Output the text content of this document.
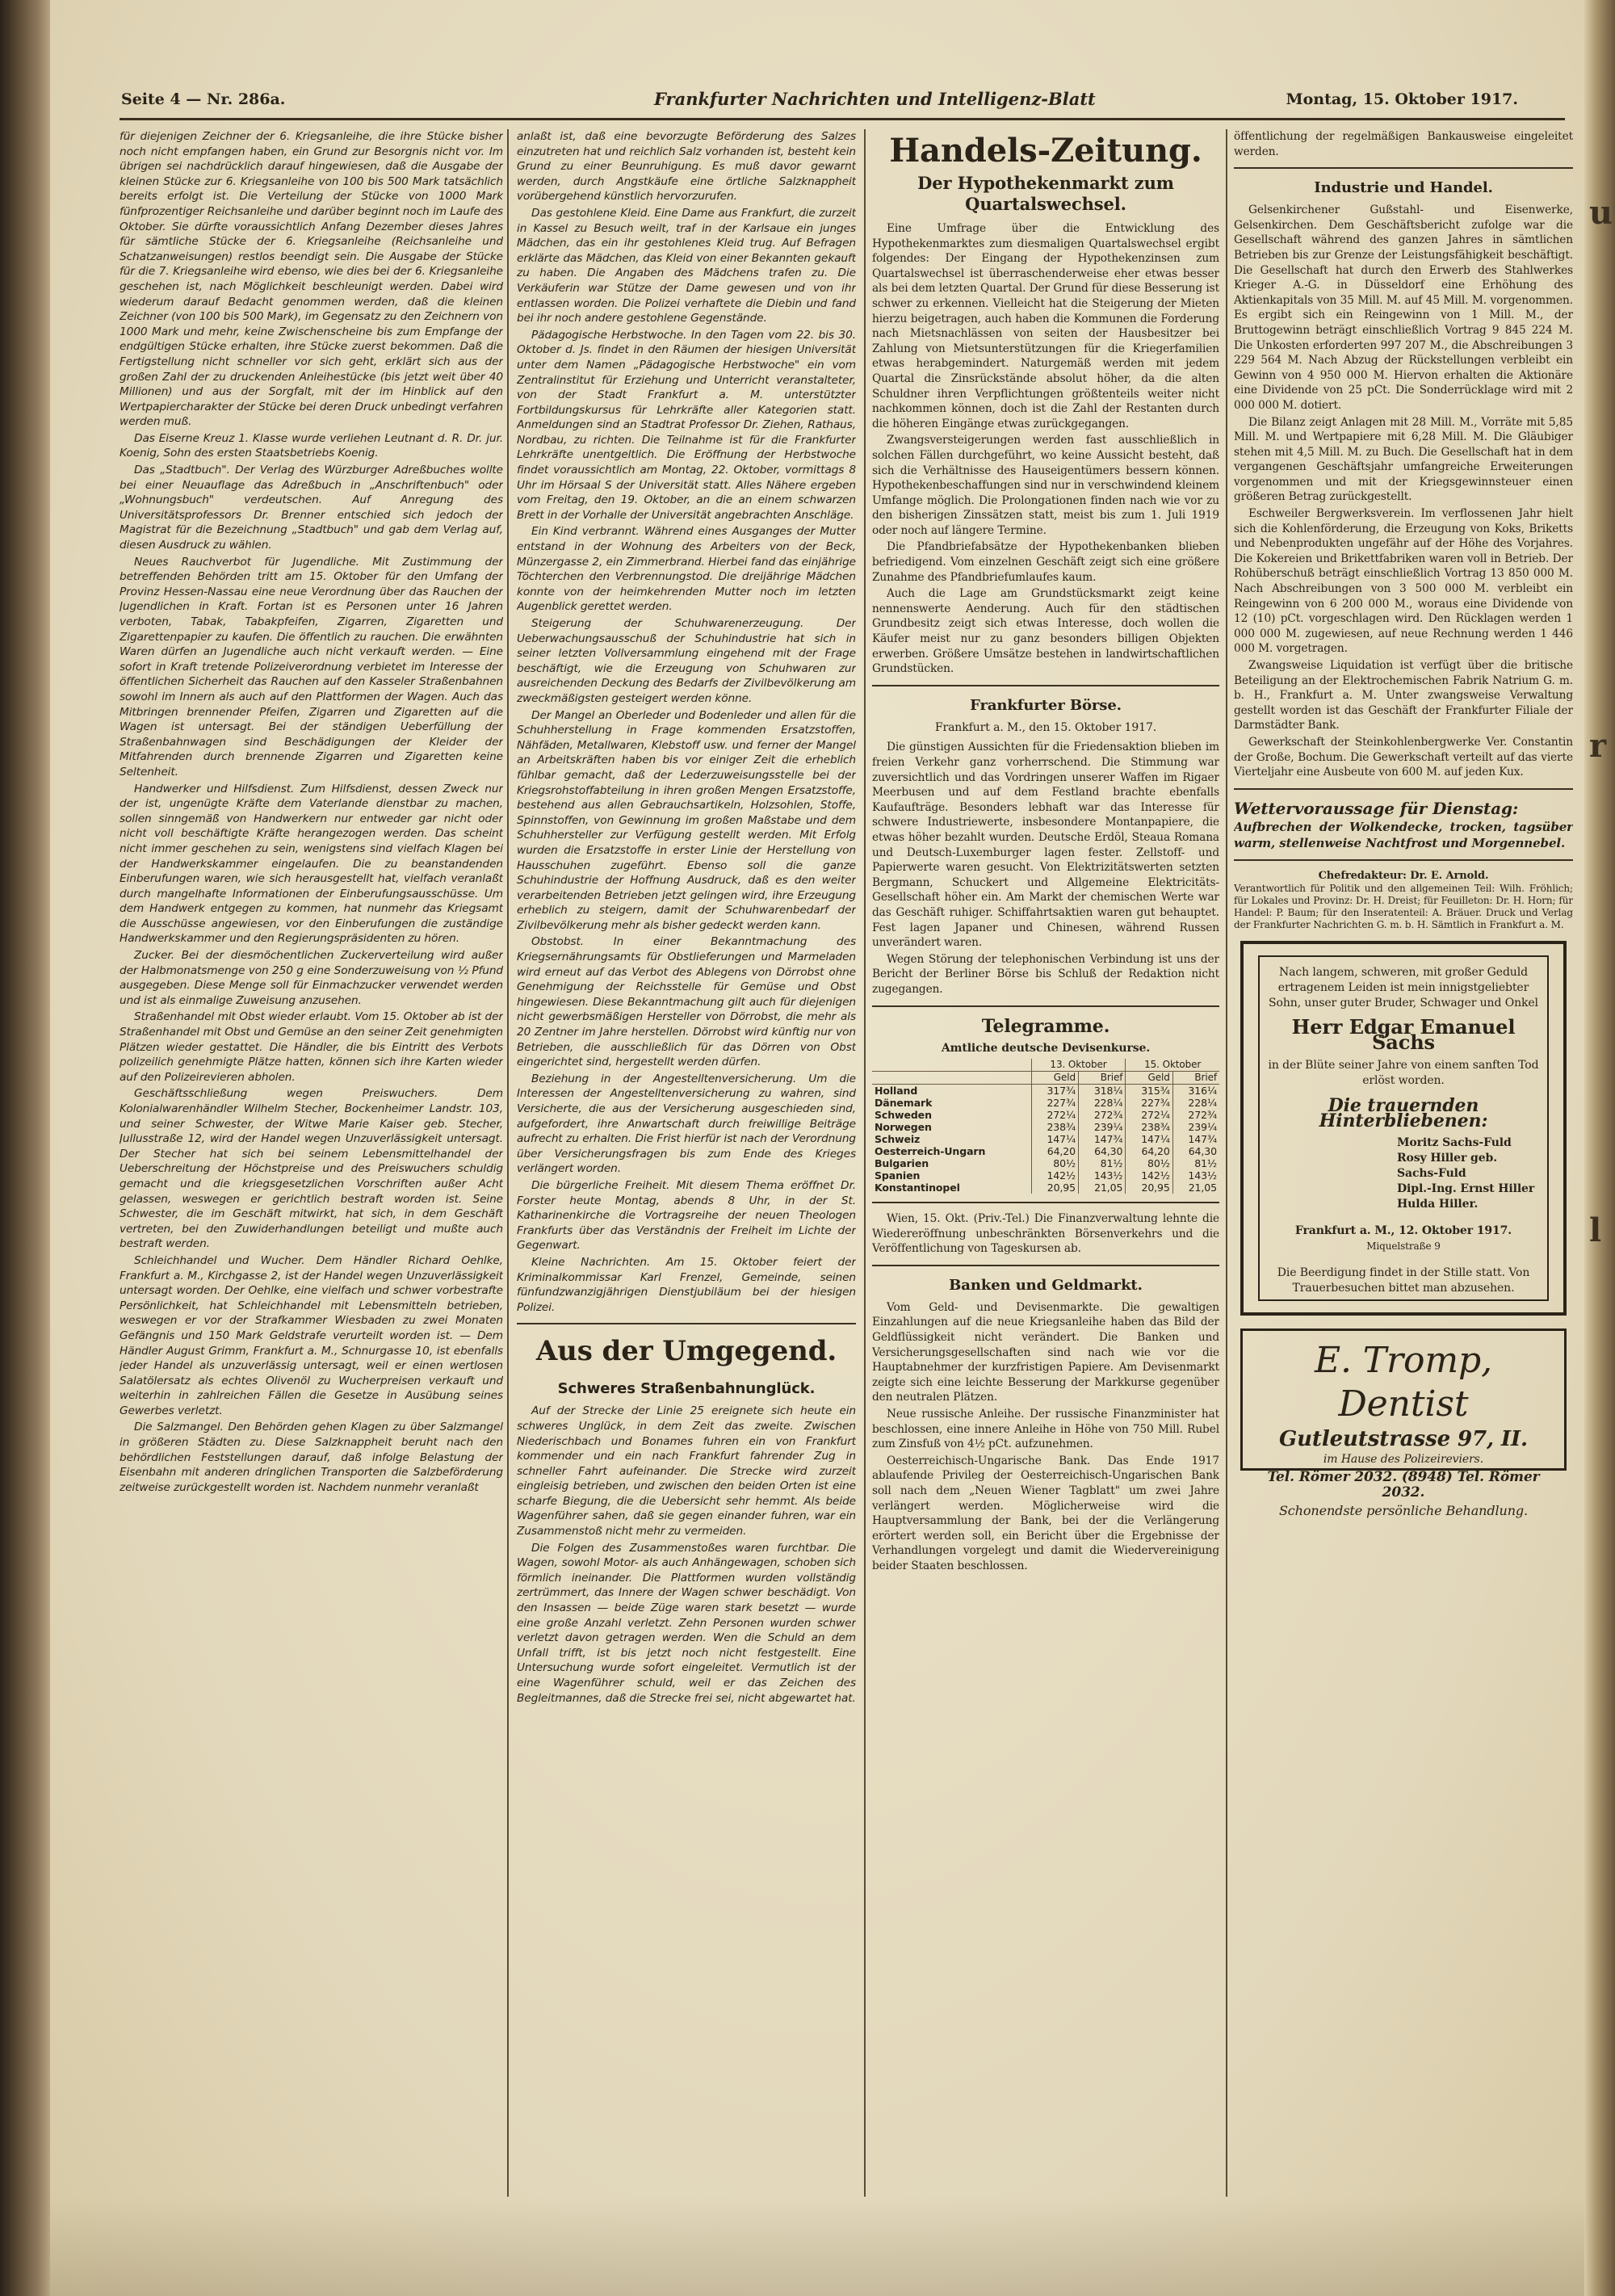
Seite 4 — Nr. 286a.	Frankfurter Nachrichten und Intelligenz-Blatt	Montag, 15. Oktober 1917.

für diejenigen Zeichner der 6. Kriegsanleihe, die ihre Stücke bisher noch nicht empfangen haben, ein Grund zur Besorgnis nicht vor. Im übrigen sei nachdrücklich darauf hingewiesen, daß die Ausgabe der kleinen Stücke zur 6. Kriegsanleihe von 100 bis 500 Mark tatsächlich bereits erfolgt ist. Die Verteilung der Stücke von 1000 Mark fünfprozentiger Reichsanleihe und darüber beginnt noch im Laufe des Oktober. Sie dürfte voraussichtlich Anfang Dezember dieses Jahres für sämtliche Stücke der 6. Kriegsanleihe (Reichsanleihe und Schatzanweisungen) restlos beendigt sein. Die Ausgabe der Stücke für die 7. Kriegsanleihe wird ebenso, wie dies bei der 6. Kriegsanleihe geschehen ist, nach Möglichkeit beschleunigt werden. Dabei wird wiederum darauf Bedacht genommen werden, daß die kleinen Zeichner (von 100 bis 500 Mark), im Gegensatz zu den Zeichnern von 1000 Mark und mehr, keine Zwischenscheine bis zum Empfange der endgültigen Stücke erhalten, ihre Stücke zuerst bekommen. Daß die Fertigstellung nicht schneller vor sich geht, erklärt sich aus der großen Zahl der zu druckenden Anleihestücke (bis jetzt weit über 40 Millionen) und aus der Sorgfalt, mit der im Hinblick auf den Wertpapiercharakter der Stücke bei deren Druck unbedingt verfahren werden muß.

Das Eiserne Kreuz 1. Klasse wurde verliehen Leutnant d. R. Dr. jur. Koenig, Sohn des ersten Staatsbetriebs Koenig.

Das „Stadtbuch". Der Verlag des Würzburger Adreßbuches wollte bei einer Neuauflage das Adreßbuch in „Anschriftenbuch" oder „Wohnungsbuch" verdeutschen. Auf Anregung des Universitätsprofessors Dr. Brenner entschied sich jedoch der Magistrat für die Bezeichnung „Stadtbuch" und gab dem Verlag auf, diesen Ausdruck zu wählen.

Neues Rauchverbot für Jugendliche. Mit Zustimmung der betreffenden Behörden tritt am 15. Oktober für den Umfang der Provinz Hessen-Nassau eine neue Verordnung über das Rauchen der Jugendlichen in Kraft. Fortan ist es Personen unter 16 Jahren verboten, Tabak, Tabakpfeifen, Zigarren, Zigaretten und Zigarettenpapier zu kaufen. Die öffentlich zu rauchen. Die erwähnten Waren dürfen an Jugendliche auch nicht verkauft werden. — Eine sofort in Kraft tretende Polizeiverordnung verbietet im Interesse der öffentlichen Sicherheit das Rauchen auf den Kasseler Straßenbahnen sowohl im Innern als auch auf den Plattformen der Wagen. Auch das Mitbringen brennender Pfeifen, Zigarren und Zigaretten auf die Wagen ist untersagt. Bei der ständigen Ueberfüllung der Straßenbahnwagen sind Beschädigungen der Kleider der Mitfahrenden durch brennende Zigarren und Zigaretten keine Seltenheit.

Handwerker und Hilfsdienst. Zum Hilfsdienst, dessen Zweck nur der ist, ungenügte Kräfte dem Vaterlande dienstbar zu machen, sollen sinngemäß von Handwerkern nur entweder gar nicht oder nicht voll beschäftigte Kräfte herangezogen werden. Das scheint nicht immer geschehen zu sein, wenigstens sind vielfach Klagen bei der Handwerkskammer eingelaufen. Die zu beanstandenden Einberufungen waren, wie sich herausgestellt hat, vielfach veranlaßt durch mangelhafte Informationen der Einberufungsausschüsse. Um dem Handwerk entgegen zu kommen, hat nunmehr das Kriegsamt die Ausschüsse angewiesen, vor den Einberufungen die zuständige Handwerkskammer und den Regierungspräsidenten zu hören.

Zucker. Bei der diesmöchentlichen Zuckerverteilung wird außer der Halbmonatsmenge von 250 g eine Sonderzuweisung von ½ Pfund ausgegeben. Diese Menge soll für Einmachzucker verwendet werden und ist als einmalige Zuweisung anzusehen.

Straßenhandel mit Obst wieder erlaubt. Vom 15. Oktober ab ist der Straßenhandel mit Obst und Gemüse an den seiner Zeit genehmigten Plätzen wieder gestattet. Die Händler, die bis Eintritt des Verbots polizeilich genehmigte Plätze hatten, können sich ihre Karten wieder auf den Polizeirevieren abholen.

Geschäftsschließung wegen Preiswuchers. Dem Kolonialwarenhändler Wilhelm Stecher, Bockenheimer Landstr. 103, und seiner Schwester, der Witwe Marie Kaiser geb. Stecher, Jullusstraße 12, wird der Handel wegen Unzuverlässigkeit untersagt. Der Stecher hat sich bei seinem Lebensmittelhandel der Ueberschreitung der Höchstpreise und des Preiswuchers schuldig gemacht und die kriegsgesetzlichen Vorschriften außer Acht gelassen, weswegen er gerichtlich bestraft worden ist. Seine Schwester, die im Geschäft mitwirkt, hat sich, in dem Geschäft vertreten, bei den Zuwiderhandlungen beteiligt und mußte auch bestraft werden.

Schleichhandel und Wucher. Dem Händler Richard Oehlke, Frankfurt a. M., Kirchgasse 2, ist der Handel wegen Unzuverlässigkeit untersagt worden. Der Oehlke, eine vielfach und schwer vorbestrafte Persönlichkeit, hat Schleichhandel mit Lebensmitteln betrieben, weswegen er vor der Strafkammer Wiesbaden zu zwei Monaten Gefängnis und 150 Mark Geldstrafe verurteilt worden ist. — Dem Händler August Grimm, Frankfurt a. M., Schnurgasse 10, ist ebenfalls jeder Handel als unzuverlässig untersagt, weil er einen wertlosen Salatölersatz als echtes Olivenöl zu Wucherpreisen verkauft und weiterhin in zahlreichen Fällen die Gesetze in Ausübung seines Gewerbes verletzt.

Die Salzmangel. Den Behörden gehen Klagen zu über Salzmangel in größeren Städten zu. Diese Salzknappheit beruht nach den behördlichen Feststellungen darauf, daß infolge Belastung der Eisenbahn mit anderen dringlichen Transporten die Salzbeförderung zeitweise zurückgestellt worden ist. Nachdem nunmehr veranlaßt

anlaßt ist, daß eine bevorzugte Beförderung des Salzes einzutreten hat und reichlich Salz vorhanden ist, besteht kein Grund zu einer Beunruhigung. Es muß davor gewarnt werden, durch Angstkäufe eine örtliche Salzknappheit vorübergehend künstlich hervorzurufen.

Das gestohlene Kleid. Eine Dame aus Frankfurt, die zurzeit in Kassel zu Besuch weilt, traf in der Karlsaue ein junges Mädchen, das ein ihr gestohlenes Kleid trug. Auf Befragen erklärte das Mädchen, das Kleid von einer Bekannten gekauft zu haben. Die Angaben des Mädchens trafen zu. Die Verkäuferin war Stütze der Dame gewesen und von ihr entlassen worden. Die Polizei verhaftete die Diebin und fand bei ihr noch andere gestohlene Gegenstände.

Pädagogische Herbstwoche. In den Tagen vom 22. bis 30. Oktober d. Js. findet in den Räumen der hiesigen Universität unter dem Namen „Pädagogische Herbstwoche" ein vom Zentralinstitut für Erziehung und Unterricht veranstalteter, von der Stadt Frankfurt a. M. unterstützter Fortbildungskursus für Lehrkräfte aller Kategorien statt. Anmeldungen sind an Stadtrat Professor Dr. Ziehen, Rathaus, Nordbau, zu richten. Die Teilnahme ist für die Frankfurter Lehrkräfte unentgeltlich. Die Eröffnung der Herbstwoche findet voraussichtlich am Montag, 22. Oktober, vormittags 8 Uhr im Hörsaal S der Universität statt. Alles Nähere ergeben vom Freitag, den 19. Oktober, an die an einem schwarzen Brett in der Vorhalle der Universität angebrachten Anschläge.

Ein Kind verbrannt. Während eines Ausganges der Mutter entstand in der Wohnung des Arbeiters von der Beck, Münzergasse 2, ein Zimmerbrand. Hierbei fand das einjährige Töchterchen den Verbrennungstod. Die dreijährige Mädchen konnte von der heimkehrenden Mutter noch im letzten Augenblick gerettet werden.

Steigerung der Schuhwarenerzeugung. Der Ueberwachungsausschuß der Schuhindustrie hat sich in seiner letzten Vollversammlung eingehend mit der Frage beschäftigt, wie die Erzeugung von Schuhwaren zur ausreichenden Deckung des Bedarfs der Zivilbevölkerung am zweckmäßigsten gesteigert werden könne.

Der Mangel an Oberleder und Bodenleder und allen für die Schuhherstellung in Frage kommenden Ersatzstoffen, Nähfäden, Metallwaren, Klebstoff usw. und ferner der Mangel an Arbeitskräften haben bis vor einiger Zeit die erheblich fühlbar gemacht, daß der Lederzuweisungsstelle bei der Kriegsrohstoffabteilung in ihren großen Mengen Ersatzstoffe, bestehend aus allen Gebrauchsartikeln, Holzsohlen, Stoffe, Spinnstoffen, von Gewinnung im großen Maßstabe und dem Schuhhersteller zur Verfügung gestellt werden. Mit Erfolg wurden die Ersatzstoffe in erster Linie der Herstellung von Hausschuhen zugeführt. Ebenso soll die ganze Schuhindustrie der Hoffnung Ausdruck, daß es den weiter verarbeitenden Betrieben jetzt gelingen wird, ihre Erzeugung erheblich zu steigern, damit der Schuhwarenbedarf der Zivilbevölkerung mehr als bisher gedeckt werden kann.

Obstobst. In einer Bekanntmachung des Kriegsernährungsamts für Obstlieferungen und Marmeladen wird erneut auf das Verbot des Ablegens von Dörrobst ohne Genehmigung der Reichsstelle für Gemüse und Obst hingewiesen. Diese Bekanntmachung gilt auch für diejenigen nicht gewerbsmäßigen Hersteller von Dörrobst, die mehr als 20 Zentner im Jahre herstellen. Dörrobst wird künftig nur von Betrieben, die ausschließlich für das Dörren von Obst eingerichtet sind, hergestellt werden dürfen.

Beziehung in der Angestelltenversicherung. Um die Interessen der Angestelltenversicherung zu wahren, sind Versicherte, die aus der Versicherung ausgeschieden sind, aufgefordert, ihre Anwartschaft durch freiwillige Beiträge aufrecht zu erhalten. Die Frist hierfür ist nach der Verordnung über Versicherungsfragen bis zum Ende des Krieges verlängert worden.

Die bürgerliche Freiheit. Mit diesem Thema eröffnet Dr. Forster heute Montag, abends 8 Uhr, in der St. Katharinenkirche die Vortragsreihe der neuen Theologen Frankfurts über das Verständnis der Freiheit im Lichte der Gegenwart.

Kleine Nachrichten. Am 15. Oktober feiert der Kriminalkommissar Karl Frenzel, Gemeinde, seinen fünfundzwanzigjährigen Dienstjubiläum bei der hiesigen Polizei.

Aus der Umgegend.
Schweres Straßenbahnunglück.

Auf der Strecke der Linie 25 ereignete sich heute ein schweres Unglück, in dem Zeit das zweite. Zwischen Niederischbach und Bonames fuhren ein von Frankfurt kommender und ein nach Frankfurt fahrender Zug in schneller Fahrt aufeinander. Die Strecke wird zurzeit eingleisig betrieben, und zwischen den beiden Orten ist eine scharfe Biegung, die die Uebersicht sehr hemmt. Als beide Wagenführer sahen, daß sie gegen einander fuhren, war ein Zusammenstoß nicht mehr zu vermeiden.

Die Folgen des Zusammenstoßes waren furchtbar. Die Wagen, sowohl Motor- als auch Anhängewagen, schoben sich förmlich ineinander. Die Plattformen wurden vollständig zertrümmert, das Innere der Wagen schwer beschädigt. Von den Insassen — beide Züge waren stark besetzt — wurde eine große Anzahl verletzt. Zehn Personen wurden schwer verletzt davon getragen werden. Wen die Schuld an dem Unfall trifft, ist bis jetzt noch nicht festgestellt. Eine Untersuchung wurde sofort eingeleitet. Vermutlich ist der eine Wagenführer schuld, weil er das Zeichen des Begleitmannes, daß die Strecke frei sei, nicht abgewartet hat.

Handels-Zeitung.
Der Hypothekenmarkt zum Quartalswechsel.

Eine Umfrage über die Entwicklung des Hypothekenmarktes zum diesmaligen Quartalswechsel ergibt folgendes: Der Eingang der Hypothekenzinsen zum Quartalswechsel ist überraschenderweise eher etwas besser als bei dem letzten Quartal. Der Grund für diese Besserung ist schwer zu erkennen. Vielleicht hat die Steigerung der Mieten hierzu beigetragen, auch haben die Kommunen die Forderung nach Mietsnachlässen von seiten der Hausbesitzer bei Zahlung von Mietsunterstützungen für die Kriegerfamilien etwas herabgemindert. Naturgemäß werden mit jedem Quartal die Zinsrückstände absolut höher, da die alten Schuldner ihren Verpflichtungen größtenteils weiter nicht nachkommen können, doch ist die Zahl der Restanten durch die höheren Eingänge etwas zurückgegangen.

Zwangsversteigerungen werden fast ausschließlich in solchen Fällen durchgeführt, wo keine Aussicht besteht, daß sich die Verhältnisse des Hauseigentümers bessern können. Hypothekenbeschaffungen sind nur in verschwindend kleinem Umfange möglich. Die Prolongationen finden nach wie vor zu den bisherigen Zinssätzen statt, meist bis zum 1. Juli 1919 oder noch auf längere Termine.

Die Pfandbriefabsätze der Hypothekenbanken blieben befriedigend. Vom einzelnen Geschäft zeigt sich eine größere Zunahme des Pfandbriefumlaufes kaum.

Auch die Lage am Grundstücksmarkt zeigt keine nennenswerte Aenderung. Auch für den städtischen Grundbesitz zeigt sich etwas Interesse, doch wollen die Käufer meist nur zu ganz besonders billigen Objekten erwerben. Größere Umsätze bestehen in landwirtschaftlichen Grundstücken.

Frankfurter Börse.
Frankfurt a. M., den 15. Oktober 1917.

Die günstigen Aussichten für die Friedensaktion blieben im freien Verkehr ganz vorherrschend. Die Stimmung war zuversichtlich und das Vordringen unserer Waffen im Rigaer Meerbusen und auf dem Festland brachte ebenfalls Kaufaufträge. Besonders lebhaft war das Interesse für schwere Industriewerte, insbesondere Montanpapiere, die etwas höher bezahlt wurden. Deutsche Erdöl, Steaua Romana und Deutsch-Luxemburger lagen fester. Zellstoff- und Papierwerte waren gesucht. Von Elektrizitätswerten setzten Bergmann, Schuckert und Allgemeine Elektricitäts-Gesellschaft höher ein. Am Markt der chemischen Werte war das Geschäft ruhiger. Schiffahrtsaktien waren gut behauptet. Fest lagen Japaner und Chinesen, während Russen unverändert waren.

Wegen Störung der telephonischen Verbindung ist uns der Bericht der Berliner Börse bis Schluß der Redaktion nicht zugegangen.

Telegramme.
Amtliche deutsche Devisenkurse.
	13. Oktober		15. Oktober	
	Geld	Brief	Geld	Brief
Holland	317¾	318¼	315¾	316¼
Dänemark	227¾	228¼	227¾	228¼
Schweden	272¼	272¾	272¼	272¾
Norwegen	238¾	239¼	238¾	239¼
Schweiz	147¼	147¾	147¼	147¾
Oesterreich-Ungarn	64,20	64,30	64,20	64,30
Bulgarien	80½	81½	80½	81½
Spanien	142½	143½	142½	143½
Konstantinopel	20,95	21,05	20,95	21,05

Wien, 15. Okt. (Priv.-Tel.) Die Finanzverwaltung lehnte die Wiedereröffnung unbeschränkten Börsenverkehrs und die Veröffentlichung von Tageskursen ab.

Banken und Geldmarkt.

Vom Geld- und Devisenmarkte. Die gewaltigen Einzahlungen auf die neue Kriegsanleihe haben das Bild der Geldflüssigkeit nicht verändert. Die Banken und Versicherungsgesellschaften sind nach wie vor die Hauptabnehmer der kurzfristigen Papiere. Am Devisenmarkt zeigte sich eine leichte Besserung der Markkurse gegenüber den neutralen Plätzen.

Neue russische Anleihe. Der russische Finanzminister hat beschlossen, eine innere Anleihe in Höhe von 750 Mill. Rubel zum Zinsfuß von 4½ pCt. aufzunehmen.

Oesterreichisch-Ungarische Bank. Das Ende 1917 ablaufende Privileg der Oesterreichisch-Ungarischen Bank soll nach dem „Neuen Wiener Tagblatt" um zwei Jahre verlängert werden. Möglicherweise wird die Hauptversammlung der Bank, bei der die Verlängerung erörtert werden soll, ein Bericht über die Ergebnisse der Verhandlungen vorgelegt und damit die Wiedervereinigung beider Staaten beschlossen.

öffentlichung der regelmäßigen Bankausweise eingeleitet werden.

Industrie und Handel.

Gelsenkirchener Gußstahl- und Eisenwerke, Gelsenkirchen. Dem Geschäftsbericht zufolge war die Gesellschaft während des ganzen Jahres in sämtlichen Betrieben bis zur Grenze der Leistungsfähigkeit beschäftigt. Die Gesellschaft hat durch den Erwerb des Stahlwerkes Krieger A.-G. in Düsseldorf eine Erhöhung des Aktienkapitals von 35 Mill. M. auf 45 Mill. M. vorgenommen. Es ergibt sich ein Reingewinn von 1 Mill. M., der Bruttogewinn beträgt einschließlich Vortrag 9 845 224 M. Die Unkosten erforderten 997 207 M., die Abschreibungen 3 229 564 M. Nach Abzug der Rückstellungen verbleibt ein Gewinn von 4 950 000 M. Hiervon erhalten die Aktionäre eine Dividende von 25 pCt. Die Sonderrücklage wird mit 2 000 000 M. dotiert.

Die Bilanz zeigt Anlagen mit 28 Mill. M., Vorräte mit 5,85 Mill. M. und Wertpapiere mit 6,28 Mill. M. Die Gläubiger stehen mit 4,5 Mill. M. zu Buch. Die Gesellschaft hat in dem vergangenen Geschäftsjahr umfangreiche Erweiterungen vorgenommen und mit der Kriegsgewinnsteuer einen größeren Betrag zurückgestellt.

Eschweiler Bergwerksverein. Im verflossenen Jahr hielt sich die Kohlenförderung, die Erzeugung von Koks, Briketts und Nebenprodukten ungefähr auf der Höhe des Vorjahres. Die Kokereien und Brikettfabriken waren voll in Betrieb. Der Rohüberschuß beträgt einschließlich Vortrag 13 850 000 M. Nach Abschreibungen von 3 500 000 M. verbleibt ein Reingewinn von 6 200 000 M., woraus eine Dividende von 12 (10) pCt. vorgeschlagen wird. Den Rücklagen werden 1 000 000 M. zugewiesen, auf neue Rechnung werden 1 446 000 M. vorgetragen.

Zwangsweise Liquidation ist verfügt über die britische Beteiligung an der Elektrochemischen Fabrik Natrium G. m. b. H., Frankfurt a. M. Unter zwangsweise Verwaltung gestellt worden ist das Geschäft der Frankfurter Filiale der Darmstädter Bank.

Gewerkschaft der Steinkohlenbergwerke Ver. Constantin der Große, Bochum. Die Gewerkschaft verteilt auf das vierte Vierteljahr eine Ausbeute von 600 M. auf jeden Kux.

Wettervoraussage für Dienstag:
Aufbrechen der Wolkendecke, trocken, tagsüber warm, stellenweise Nachtfrost und Morgennebel.
Chefredakteur: Dr. E. Arnold.
Verantwortlich für Politik und den allgemeinen Teil: Wilh. Fröhlich; für Lokales und Provinz: Dr. H. Dreist; für Feuilleton: Dr. H. Horn; für Handel: P. Baum; für den Inseratenteil: A. Bräuer. Druck und Verlag der Frankfurter Nachrichten G. m. b. H. Sämtlich in Frankfurt a. M.
Nach langem, schweren, mit großer Geduld ertragenem Leiden ist mein innigstgeliebter Sohn, unser guter Bruder, Schwager und Onkel
Herr Edgar Emanuel Sachs
in der Blüte seiner Jahre von einem sanften Tod erlöst worden.
Die trauernden Hinterbliebenen:
Moritz Sachs-Fuld
Rosy Hiller geb. Sachs-Fuld
Dipl.-Ing. Ernst Hiller
Hulda Hiller.
Frankfurt a. M., 12. Oktober 1917.
Miquelstraße 9
Die Beerdigung findet in der Stille statt. Von Trauerbesuchen bittet man abzusehen.
E. Tromp, Dentist
Gutleutstrasse 97, II.
im Hause des Polizeireviers.
Tel. Römer 2032. (8948) Tel. Römer 2032.
Schonendste persönliche Behandlung.
u
r
l
